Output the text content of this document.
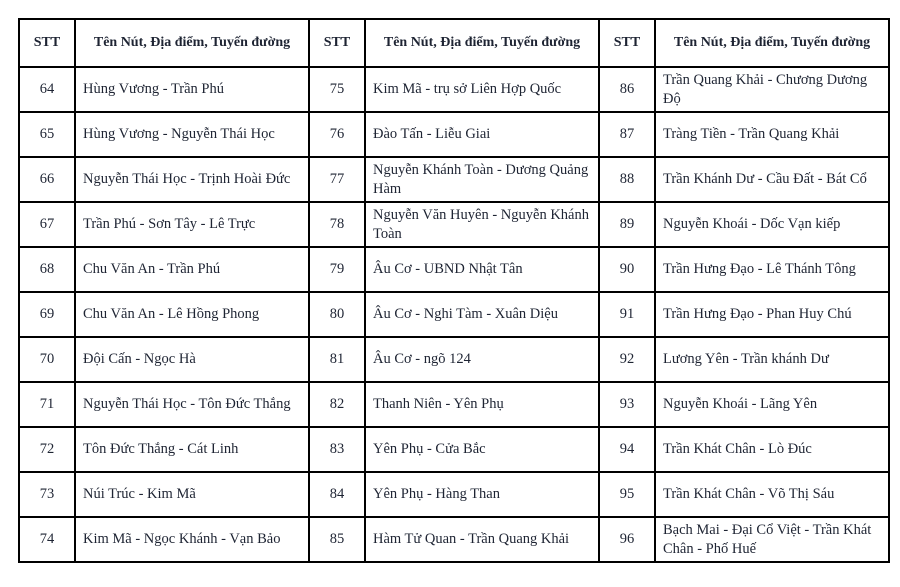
STT	Tên Nút, Địa điểm, Tuyến đường	STT	Tên Nút, Địa điểm, Tuyến đường	STT	Tên Nút, Địa điểm, Tuyến đường
64	Hùng Vương - Trần Phú	75	Kim Mã - trụ sở Liên Hợp Quốc	86	Trần Quang Khải - Chương Dương Độ
65	Hùng Vương - Nguyễn Thái Học	76	Đào Tấn - Liễu Giai	87	Tràng Tiền - Trần Quang Khải
66	Nguyễn Thái Học - Trịnh Hoài Đức	77	Nguyễn Khánh Toàn - Dương Quảng Hàm	88	Trần Khánh Dư - Cầu Đất - Bát Cổ
67	Trần Phú - Sơn Tây - Lê Trực	78	Nguyễn Văn Huyên - Nguyễn Khánh Toàn	89	Nguyễn Khoái - Dốc Vạn kiếp
68	Chu Văn An - Trần Phú	79	Âu Cơ - UBND Nhật Tân	90	Trần Hưng Đạo - Lê Thánh Tông
69	Chu Văn An - Lê Hồng Phong	80	Âu Cơ - Nghi Tàm - Xuân Diệu	91	Trần Hưng Đạo - Phan Huy Chú
70	Đội Cấn - Ngọc Hà	81	Âu Cơ - ngõ 124	92	Lương Yên - Trần khánh Dư
71	Nguyễn Thái Học - Tôn Đức Thắng	82	Thanh Niên - Yên Phụ	93	Nguyễn Khoái - Lãng Yên
72	Tôn Đức Thắng - Cát Linh	83	Yên Phụ - Cửa Bắc	94	Trần Khát Chân - Lò Đúc
73	Núi Trúc - Kim Mã	84	Yên Phụ - Hàng Than	95	Trần Khát Chân - Võ Thị Sáu
74	Kim Mã - Ngọc Khánh - Vạn Bảo	85	Hàm Tử Quan - Trần Quang Khải	96	Bạch Mai - Đại Cổ Việt - Trần Khát Chân - Phố Huế
